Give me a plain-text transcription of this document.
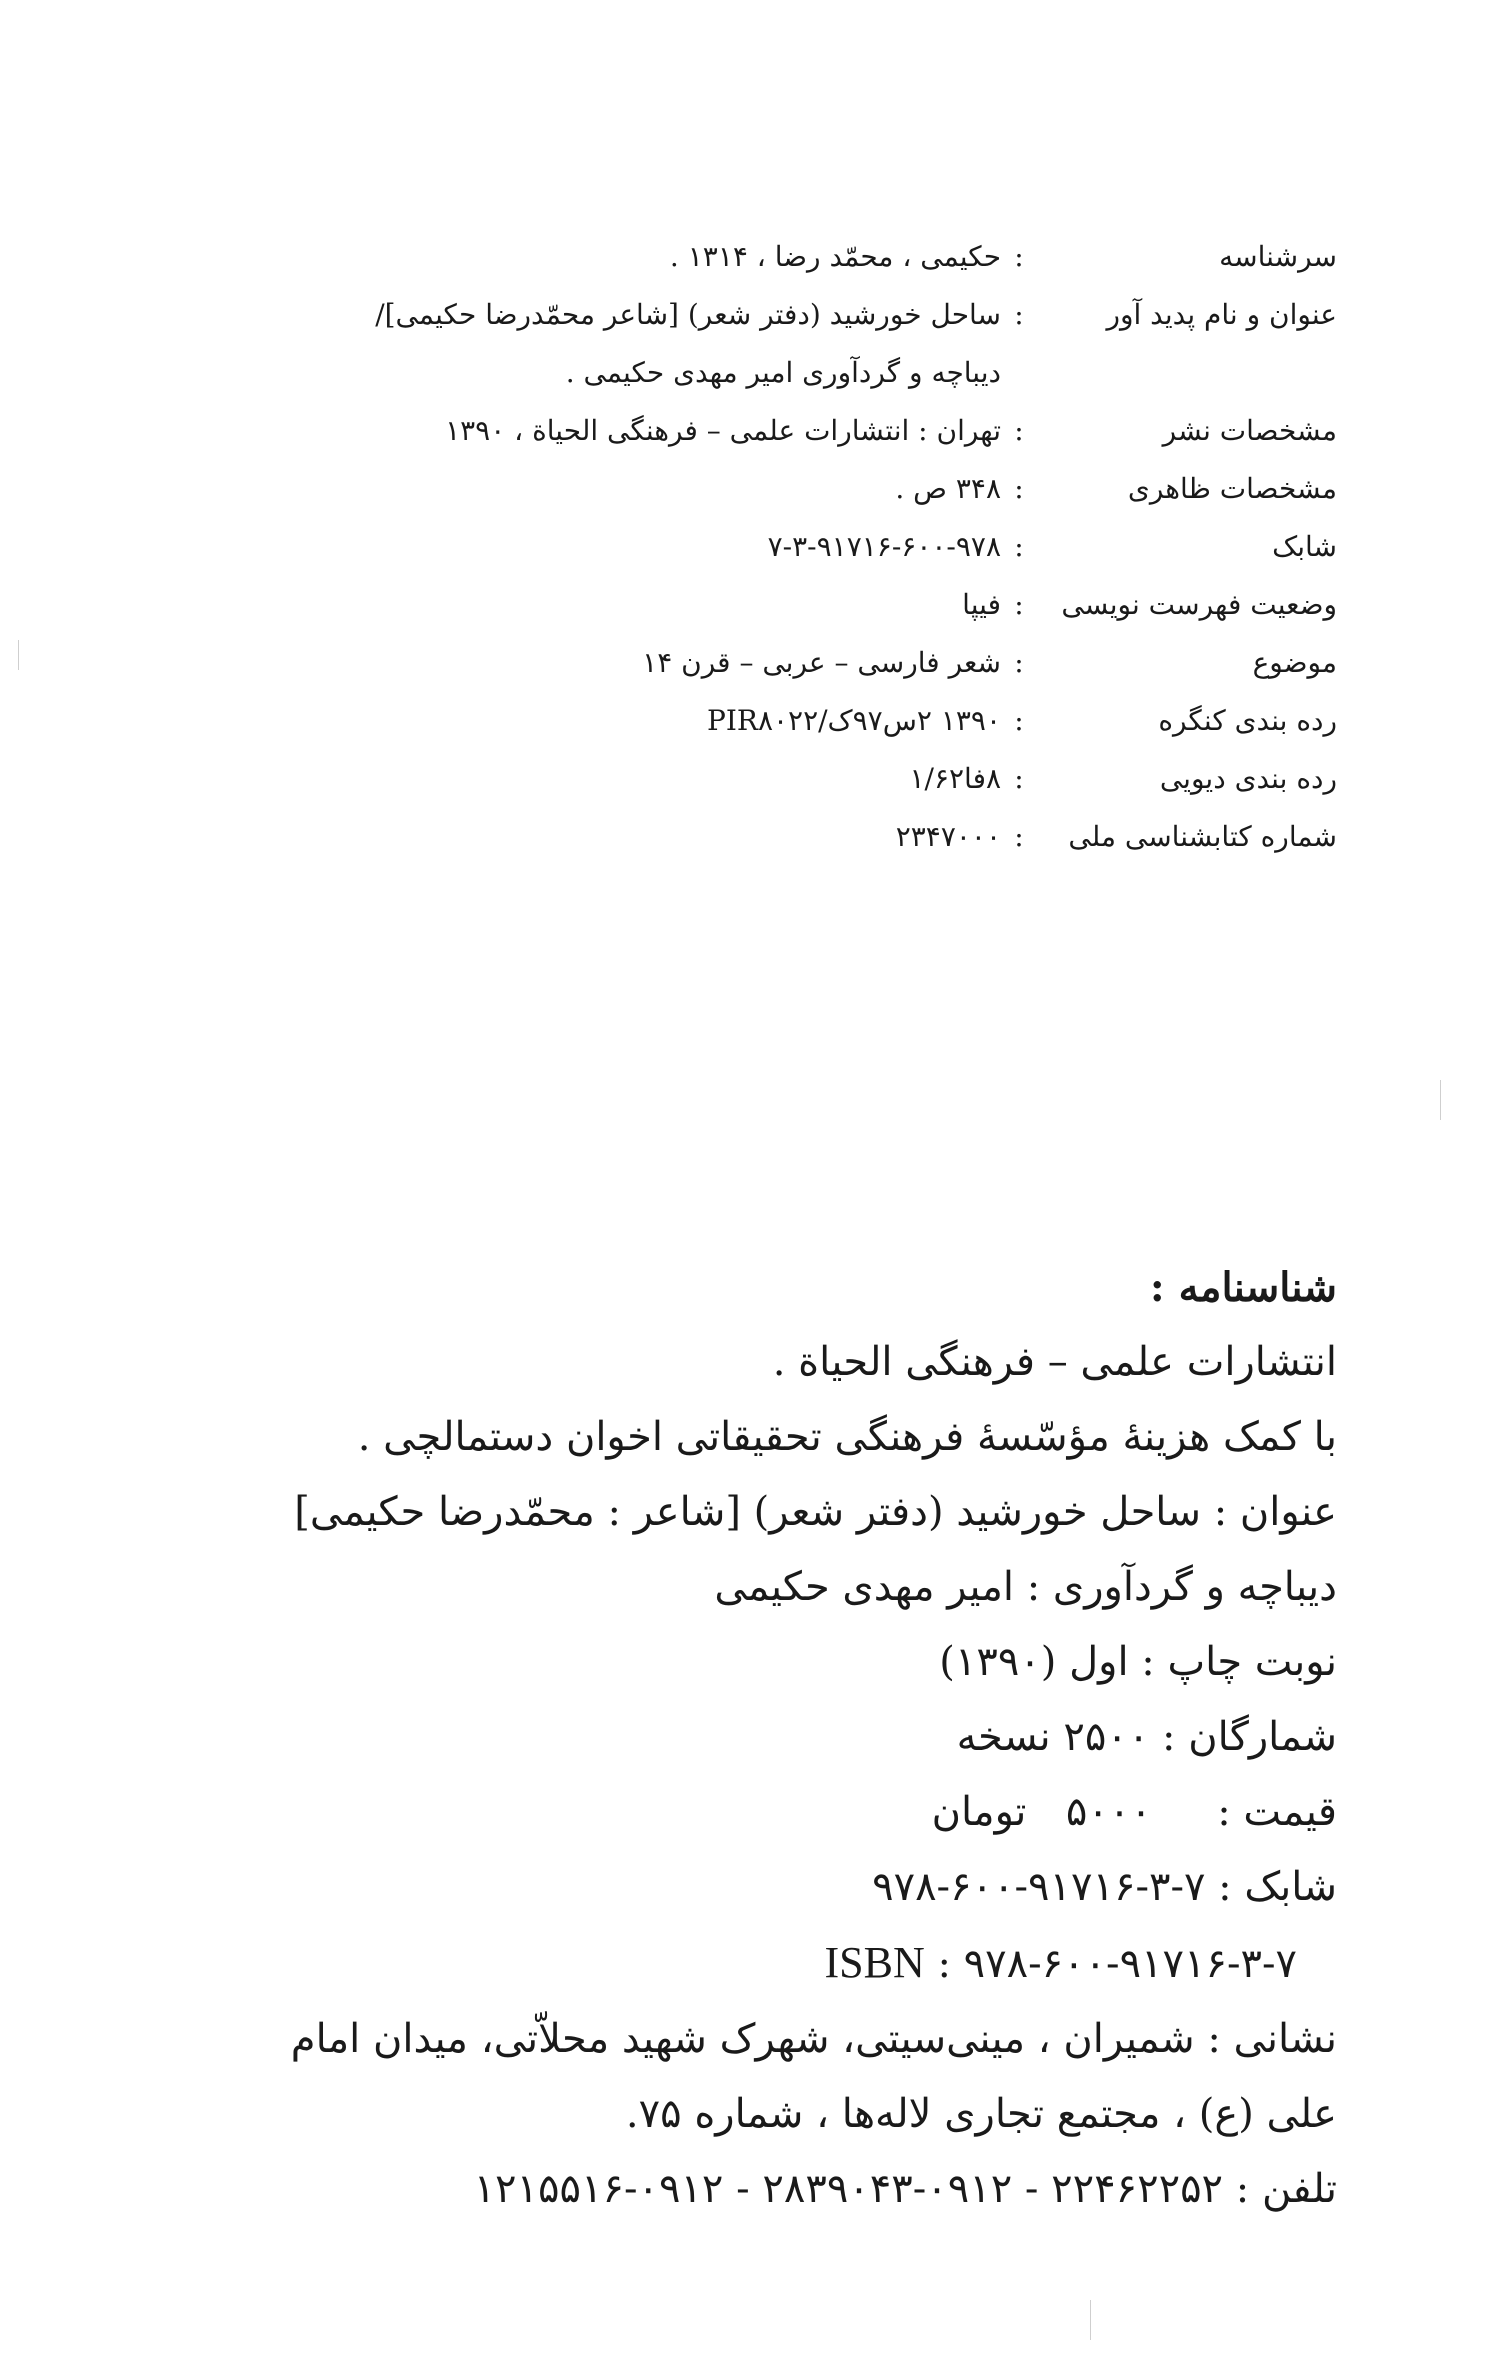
سرشناسه
:
حکیمی ، محمّد رضا ، ۱۳۱۴ .
عنوان و نام پدید آور
:
ساحل خورشید (دفتر شعر) [شاعر محمّدرضا حکیمی]/
دیباچه و گردآوری امیر مهدی حکیمی .
مشخصات نشر
:
تهران : انتشارات علمی – فرهنگی الحیاة ، ۱۳۹۰
مشخصات ظاهری
:
۳۴۸ ص .
شابک
:
۷-۳-۹۱۷۱۶-۶۰۰-۹۷۸
وضعیت فهرست نویسی
:
فیپا
موضوع
:
شعر فارسی – عربی – قرن ۱۴
رده بندی کنگره
:
۱۳۹۰ ۲س۹۷ک/PIR۸۰۲۲
رده بندی دیویی
:
۸فا۱/۶۲
شماره کتابشناسی ملی
:
۲۳۴۷۰۰۰

شناسنامه :

انتشارات علمی – فرهنگی الحیاة .

با کمک هزینهٔ مؤسّسهٔ فرهنگی تحقیقاتی اخوان دستمالچی .

عنوان : ساحل خورشید (دفتر شعر) [شاعر : محمّدرضا حکیمی]

دیباچه و گردآوری : امیر مهدی حکیمی

نوبت چاپ : اول (۱۳۹۰)

شمارگان : ۲۵۰۰ نسخه

قیمت :  ۵۰۰۰  تومان

شابک : ۷-۳-۹۱۷۱۶-۶۰۰-۹۷۸

ISBN : ۹۷۸-۶۰۰-۹۱۷۱۶-۳-۷

نشانی : شمیران ، مینی‌سیتی، شهرک شهید محلاّتی، میدان امام

علی (ع) ، مجتمع تجاری لاله‌ها ، شماره ۷۵.

تلفن : ۲۲۴۶۲۲۵۲ - ۰۹۱۲-۲۸۳۹۰۴۳ - ۰۹۱۲-۱۲۱۵۵۱۶
